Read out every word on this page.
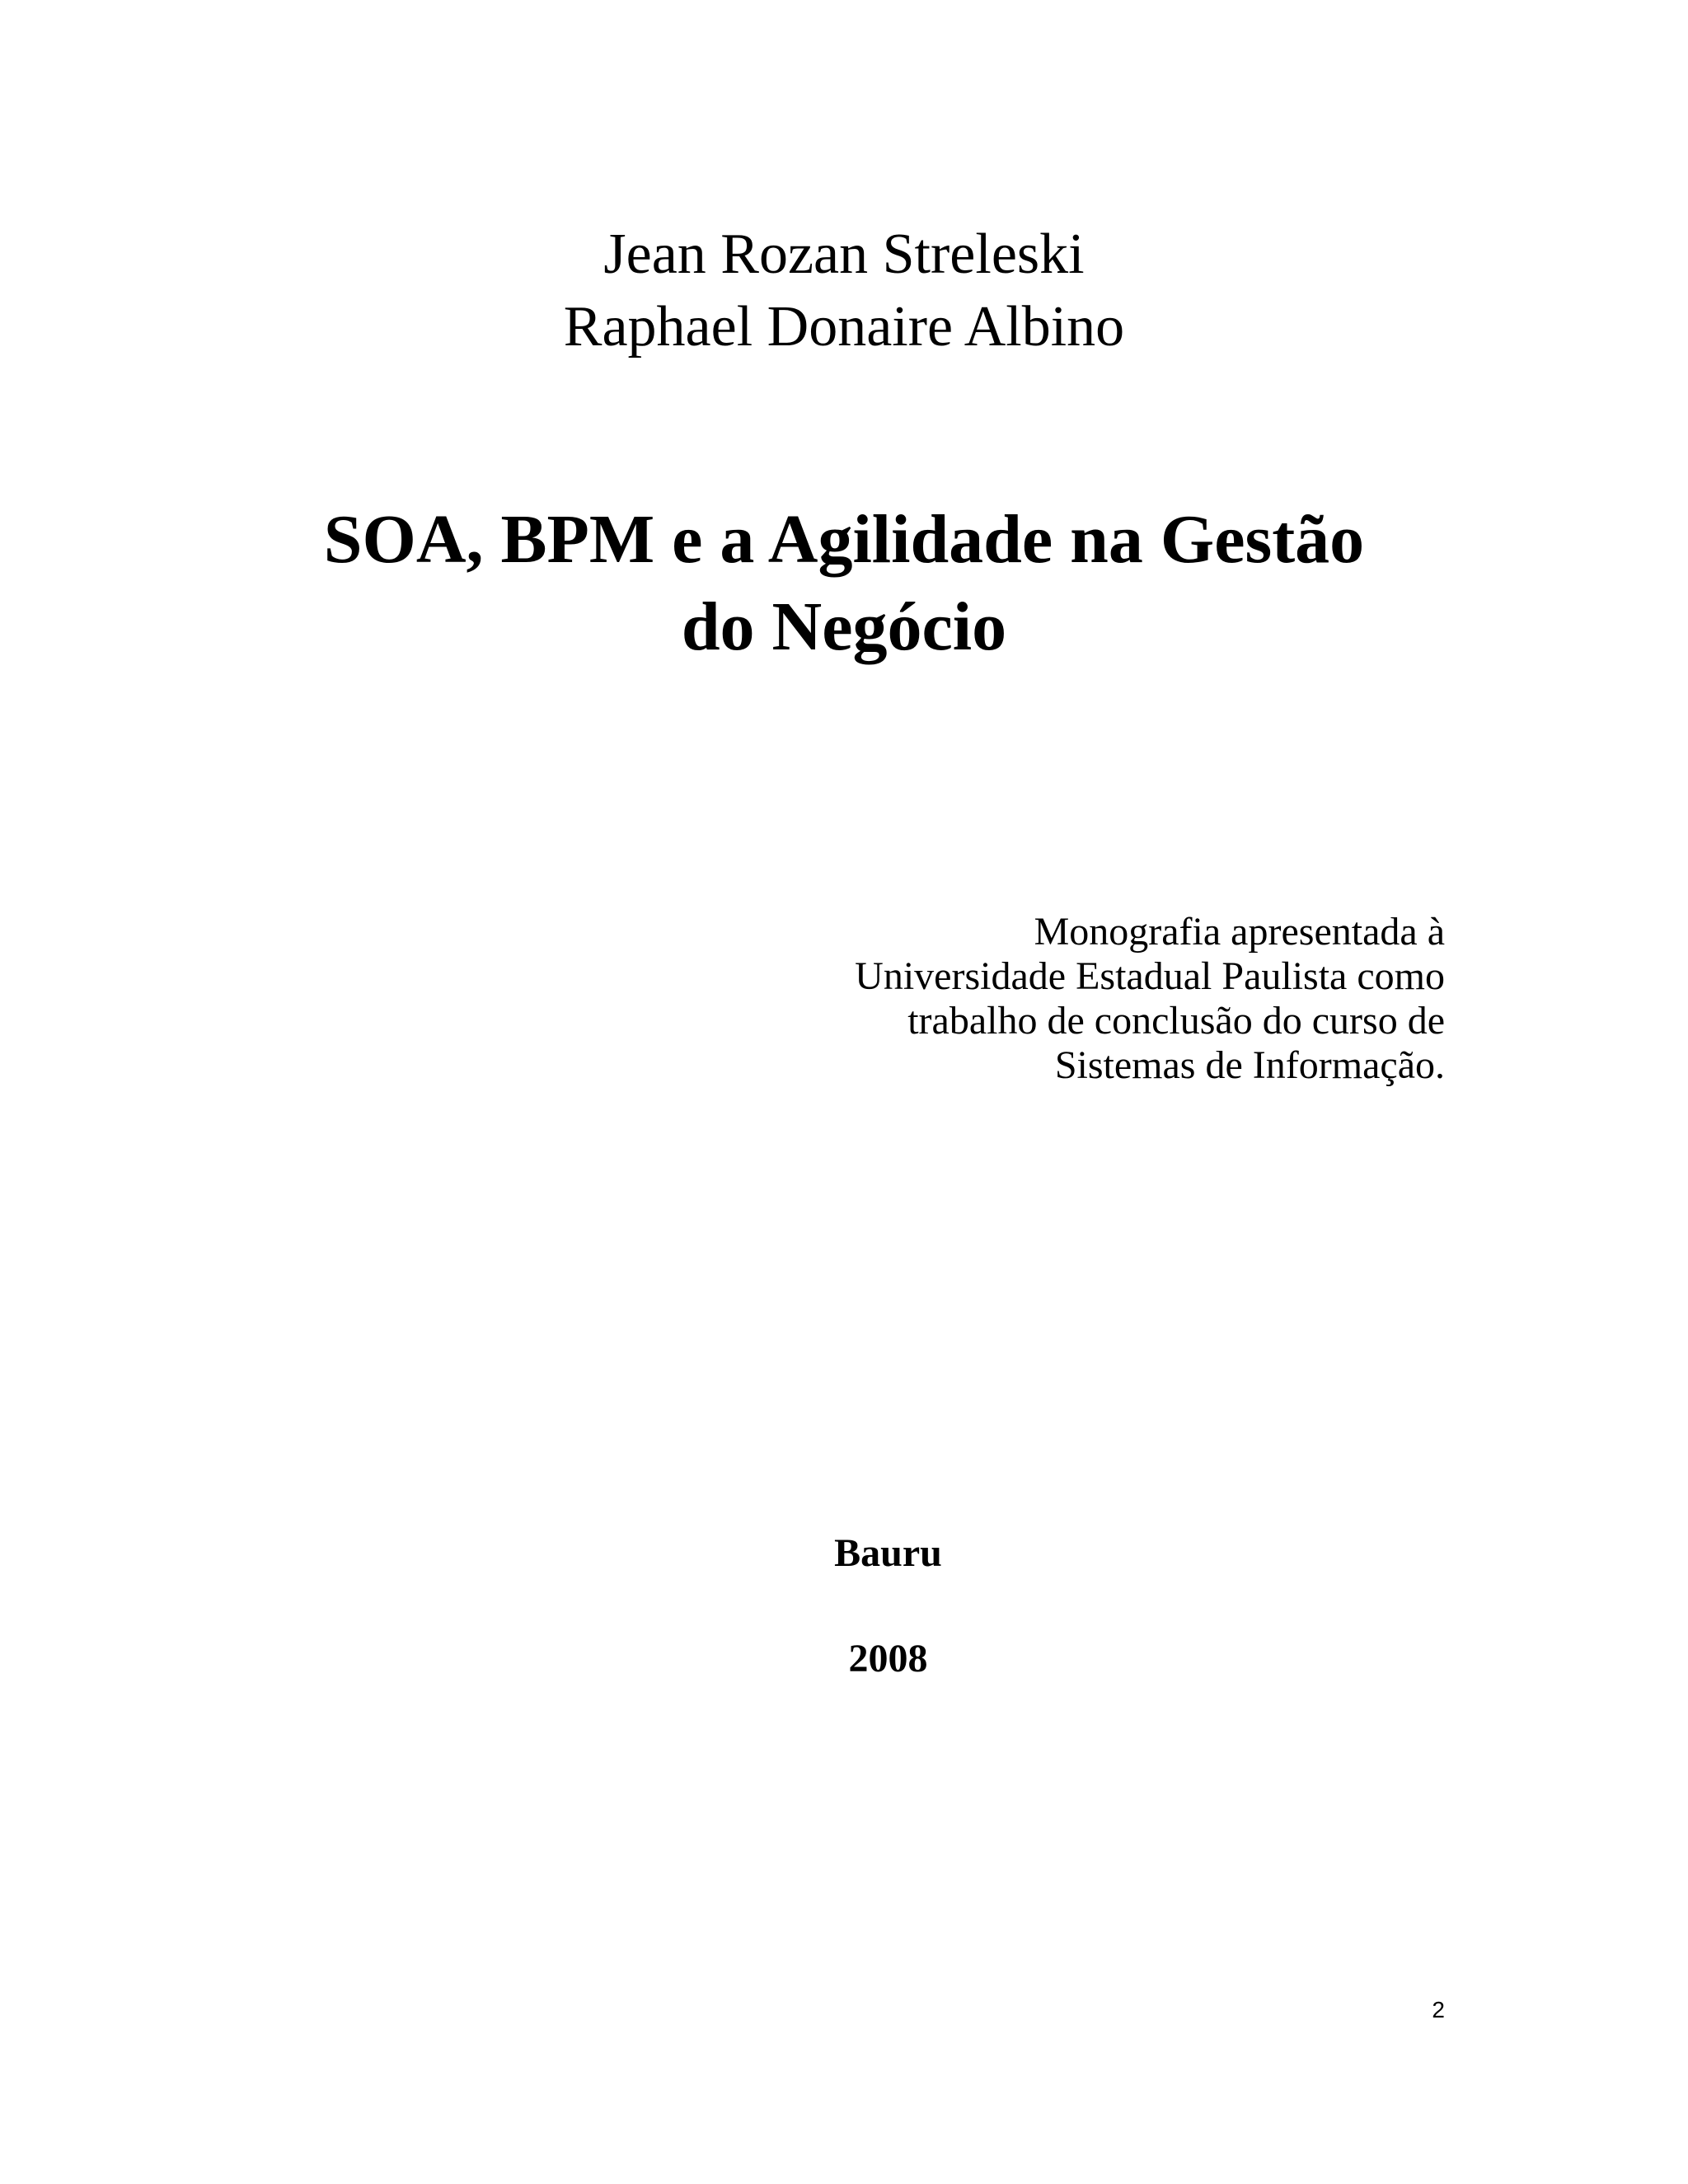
Jean Rozan Streleski
Raphael Donaire Albino
SOA, BPM e a Agilidade na Gestão
do Negócio
Monografia apresentada à
Universidade Estadual Paulista como
trabalho de conclusão do curso de
Sistemas de Informação.
Bauru
2008
2
